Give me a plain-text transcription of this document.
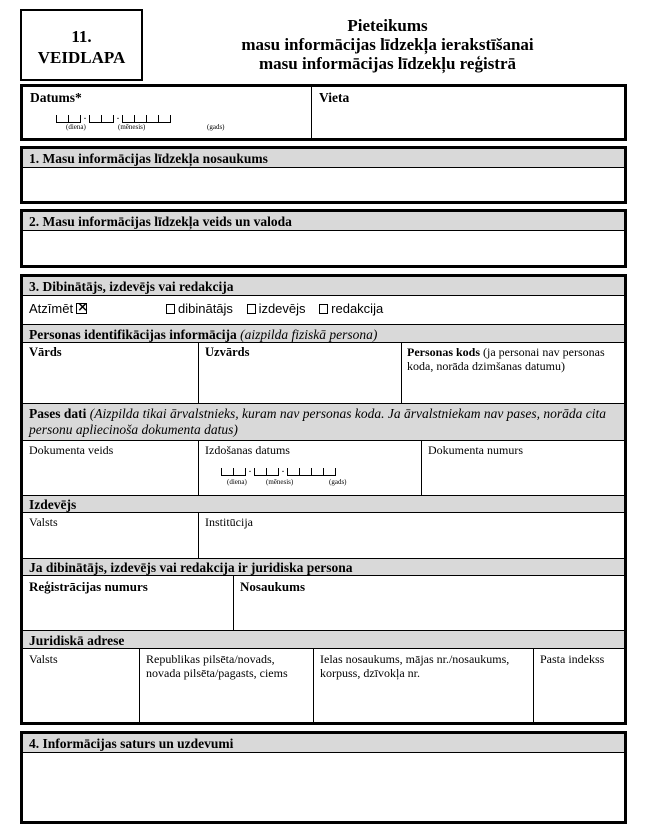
11.
VEIDLAPA
Pieteikums
masu informācijas līdzekļa ierakstīšanai
masu informācijas līdzekļu reģistrā
Datums*	Vieta
.	.
(diena)	(mēnesis)	(gads)
1. Masu informācijas līdzekļa nosaukums
2. Masu informācijas līdzekļa veids un valoda
3. Dibinātājs, izdevējs vai redakcija
Atzīmēt×	dibinātājs izdevējs redakcija
Personas identifikācijas informācija (aizpilda fiziskā persona)
Vārds	Uzvārds	Personas kods (ja personai nav personas koda, norāda dzimšanas datumu)
Pases dati (Aizpilda tikai ārvalstnieks, kuram nav personas koda. Ja ārvalstniekam nav pases, norāda cita personu apliecinoša dokumenta datus)
Dokumenta veids	Izdošanas datums
.	.
(diena)	(mēnesis)	(gads)
Dokumenta numurs
Izdevējs
Valsts	Institūcija
Ja dibinātājs, izdevējs vai redakcija ir juridiska persona
Reģistrācijas numurs	Nosaukums
Juridiskā adrese
Valsts	Republikas pilsēta/novads, novada pilsēta/pagasts, ciems
Ielas nosaukums, mājas nr./nosaukums, korpuss, dzīvokļa nr.
Pasta indekss
4. Informācijas saturs un uzdevumi
